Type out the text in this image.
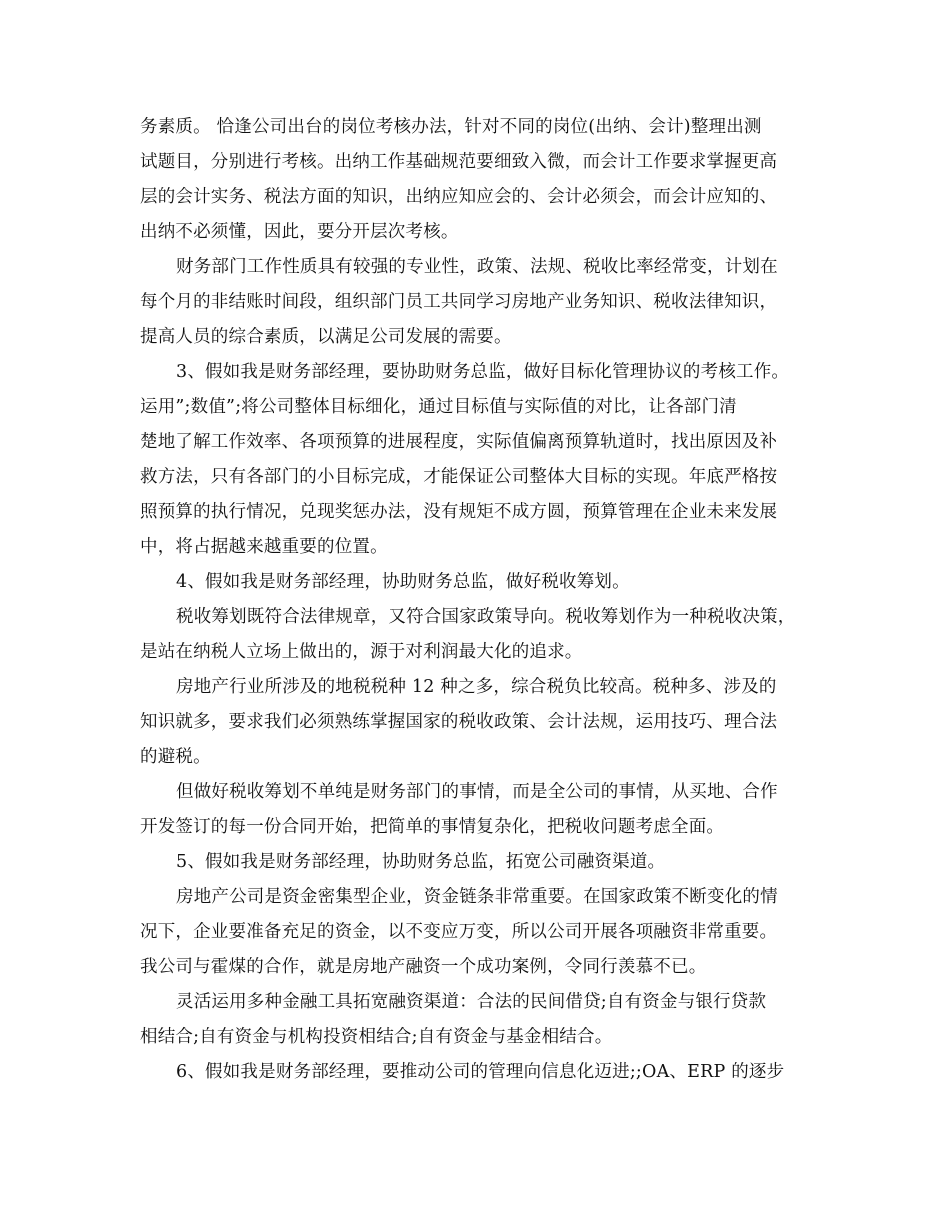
务素质。 恰逢公司出台的岗位考核办法，针对不同的岗位(出纳、会计)整理出测
试题目，分别进行考核。出纳工作基础规范要细致入微，而会计工作要求掌握更高
层的会计实务、税法方面的知识，出纳应知应会的、会计必须会，而会计应知的、
出纳不必须懂，因此，要分开层次考核。
财务部门工作性质具有较强的专业性，政策、法规、税收比率经常变，计划在
每个月的非结账时间段，组织部门员工共同学习房地产业务知识、税收法律知识，
提高人员的综合素质，以满足公司发展的需要。
3、假如我是财务部经理，要协助财务总监，做好目标化管理协议的考核工作。
运用”;数值”;将公司整体目标细化，通过目标值与实际值的对比，让各部门清
楚地了解工作效率、各项预算的进展程度，实际值偏离预算轨道时，找出原因及补
救方法，只有各部门的小目标完成，才能保证公司整体大目标的实现。年底严格按
照预算的执行情况，兑现奖惩办法，没有规矩不成方圆，预算管理在企业未来发展
中，将占据越来越重要的位置。
4、假如我是财务部经理，协助财务总监，做好税收筹划。
税收筹划既符合法律规章，又符合国家政策导向。税收筹划作为一种税收决策，
是站在纳税人立场上做出的，源于对利润最大化的追求。
房地产行业所涉及的地税税种 12 种之多，综合税负比较高。税种多、涉及的
知识就多，要求我们必须熟练掌握国家的税收政策、会计法规，运用技巧、理合法
的避税。
但做好税收筹划不单纯是财务部门的事情，而是全公司的事情，从买地、合作
开发签订的每一份合同开始，把简单的事情复杂化，把税收问题考虑全面。
5、假如我是财务部经理，协助财务总监，拓宽公司融资渠道。
房地产公司是资金密集型企业，资金链条非常重要。在国家政策不断变化的情
况下，企业要准备充足的资金，以不变应万变，所以公司开展各项融资非常重要。
我公司与霍煤的合作，就是房地产融资一个成功案例，令同行羡慕不已。
灵活运用多种金融工具拓宽融资渠道：合法的民间借贷;自有资金与银行贷款
相结合;自有资金与机构投资相结合;自有资金与基金相结合。
6、假如我是财务部经理，要推动公司的管理向信息化迈进;;OA、ERP 的逐步
